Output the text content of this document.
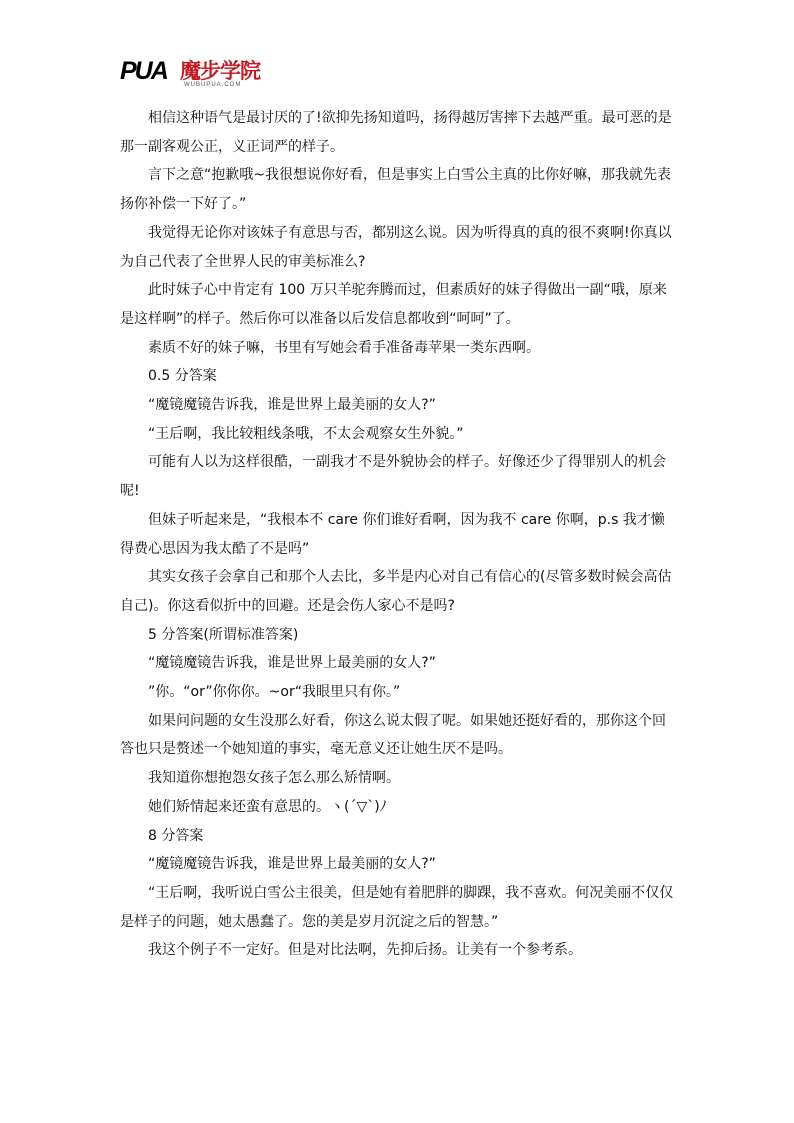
PUA 魔步学院
WUBUPUA.COM

相信这种语气是最讨厌的了!欲抑先扬知道吗，扬得越厉害摔下去越严重。最可恶的是那一副客观公正，义正词严的样子。

言下之意“抱歉哦~我很想说你好看，但是事实上白雪公主真的比你好嘛，那我就先表扬你补偿一下好了。”

我觉得无论你对该妹子有意思与否，都别这么说。因为听得真的真的很不爽啊!你真以为自己代表了全世界人民的审美标准么?

此时妹子心中肯定有 100 万只羊驼奔腾而过，但素质好的妹子得做出一副“哦，原来是这样啊”的样子。然后你可以准备以后发信息都收到“呵呵”了。

素质不好的妹子嘛，书里有写她会看手准备毒苹果一类东西啊。

0.5 分答案

“魔镜魔镜告诉我，谁是世界上最美丽的女人?”

“王后啊，我比较粗线条哦，不太会观察女生外貌。”

可能有人以为这样很酷，一副我才不是外貌协会的样子。好像还少了得罪别人的机会呢!

但妹子听起来是，“我根本不 care 你们谁好看啊，因为我不 care 你啊，p.s 我才懒得费心思因为我太酷了不是吗”

其实女孩子会拿自己和那个人去比，多半是内心对自己有信心的(尽管多数时候会高估自己)。你这看似折中的回避。还是会伤人家心不是吗?

5 分答案(所谓标准答案)

“魔镜魔镜告诉我，谁是世界上最美丽的女人?”

”你。“or”你你你。~or“我眼里只有你。”

如果问问题的女生没那么好看，你这么说太假了呢。如果她还挺好看的，那你这个回答也只是赘述一个她知道的事实，毫无意义还让她生厌不是吗。

我知道你想抱怨女孩子怎么那么矫情啊。

她们矫情起来还蛮有意思的。ヽ(ˊ▽ˋ)ﾉ

8 分答案

“魔镜魔镜告诉我，谁是世界上最美丽的女人?”

“王后啊，我听说白雪公主很美，但是她有着肥胖的脚踝，我不喜欢。何况美丽不仅仅是样子的问题，她太愚蠢了。您的美是岁月沉淀之后的智慧。”

我这个例子不一定好。但是对比法啊，先抑后扬。让美有一个参考系。
